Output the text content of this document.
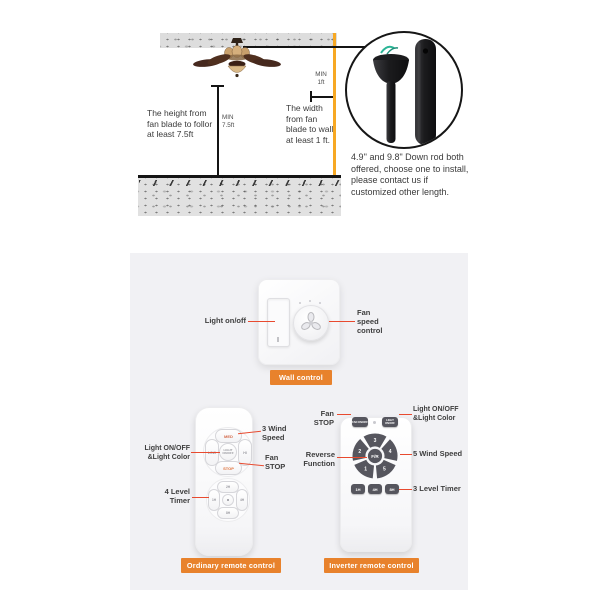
MIN
7.5ft
The height from fan blade to follor at least 7.5ft
MIN
1ft
The width from fan blade to wall at least 1 ft.
4.9'' and 9.8" Down rod both offered, choose one to install, please contact us if customized other length.
Light on/off
Fan speed control
Wall control
MED
HI
STOP
LIGHT ON/OFF
3 Wind Speed
Light ON/OFF &Light Color	Fan STOP
2H
1H	4H
8H
4 Level Timer
Ordinary remote control
FAN ON/OFF	LIGHT ON/OFF
3
4
5
1
2
F/R
1H	4H	8H
Fan STOP
Light ON/OFF &Light Color
Reverse Function
5 Wind Speed
3 Level Timer
Inverter remote control
